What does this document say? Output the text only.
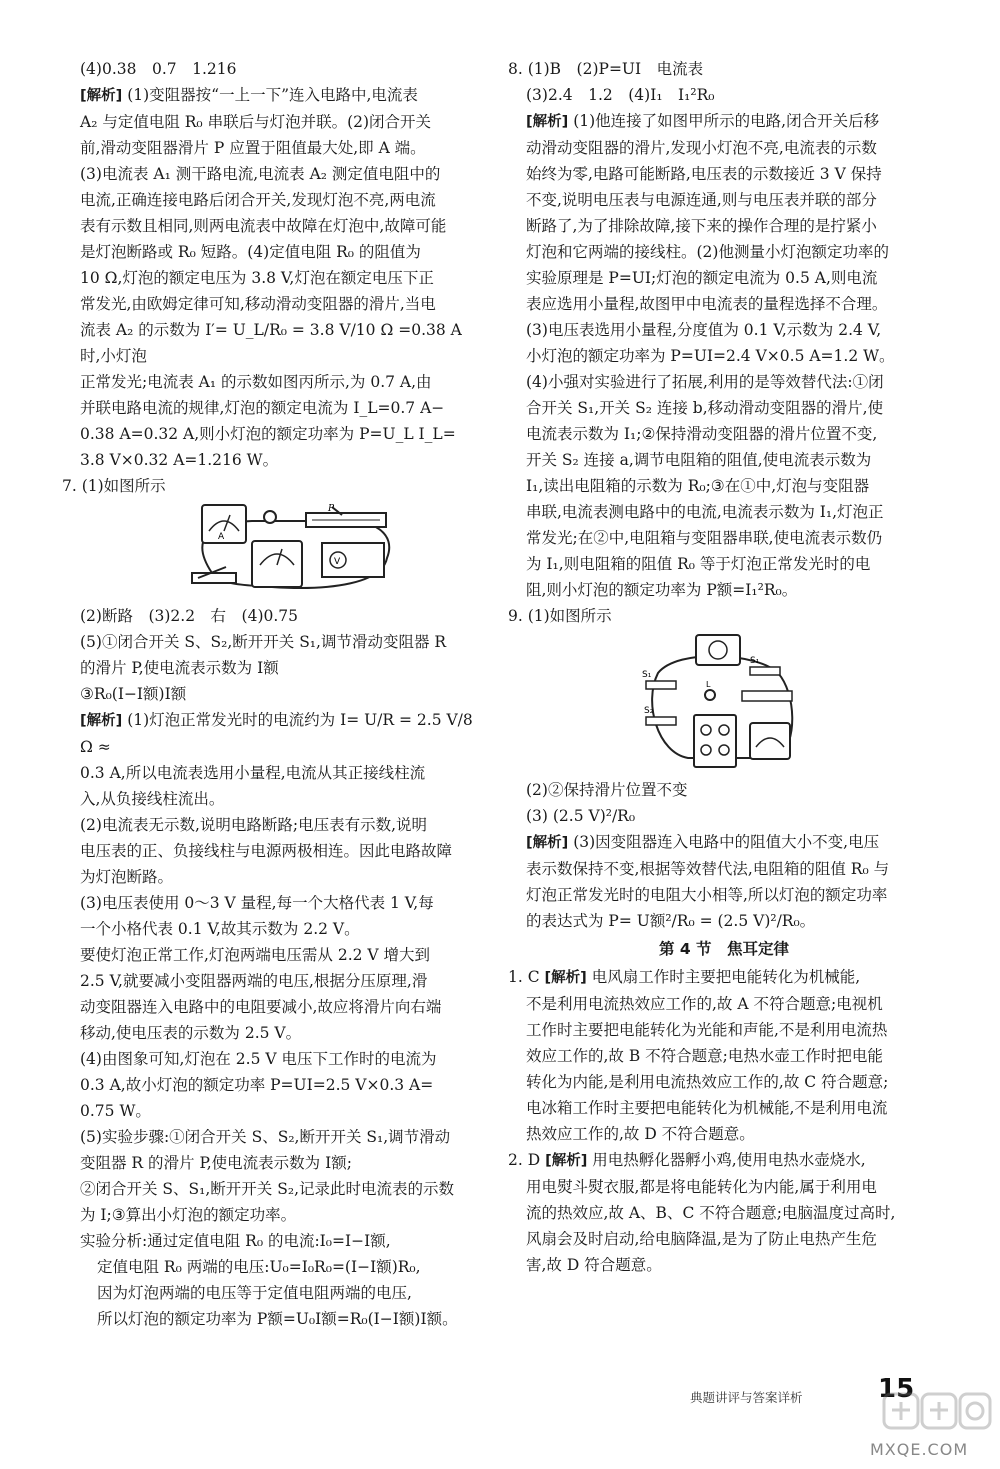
(4)0.38　0.7　1.216
[解析] (1)变阻器按“一上一下”连入电路中,电流表
A₂ 与定值电阻 R₀ 串联后与灯泡并联。(2)闭合开关
前,滑动变阻器滑片 P 应置于阻值最大处,即 A 端。
(3)电流表 A₁ 测干路电流,电流表 A₂ 测定值电阻中的
电流,正确连接电路后闭合开关,发现灯泡不亮,两电流
表有示数且相同,则两电流表中故障在灯泡中,故障可能
是灯泡断路或 R₀ 短路。(4)定值电阻 R₀ 的阻值为
10 Ω,灯泡的额定电压为 3.8 V,灯泡在额定电压下正
常发光,由欧姆定律可知,移动滑动变阻器的滑片,当电
流表 A₂ 的示数为 I′= U_L/R₀ = 3.8 V/10 Ω =0.38 A 时,小灯泡
正常发光;电流表 A₁ 的示数如图丙所示,为 0.7 A,由
并联电路电流的规律,灯泡的额定电流为 I_L=0.7 A−
0.38 A=0.32 A,则小灯泡的额定功率为 P=U_L I_L=
3.8 V×0.32 A=1.216 W。
7. (1)如图所示
A
P
V
(2)断路　(3)2.2　右　(4)0.75
(5)①闭合开关 S、S₂,断开开关 S₁,调节滑动变阻器 R
的滑片 P,使电流表示数为 I额
③R₀(I−I额)I额
[解析] (1)灯泡正常发光时的电流约为 I= U/R = 2.5 V/8 Ω ≈
0.3 A,所以电流表选用小量程,电流从其正接线柱流
入,从负接线柱流出。
(2)电流表无示数,说明电路断路;电压表有示数,说明
电压表的正、负接线柱与电源两极相连。因此电路故障
为灯泡断路。
(3)电压表使用 0～3 V 量程,每一个大格代表 1 V,每
一个小格代表 0.1 V,故其示数为 2.2 V。
要使灯泡正常工作,灯泡两端电压需从 2.2 V 增大到
2.5 V,就要减小变阻器两端的电压,根据分压原理,滑
动变阻器连入电路中的电阻要减小,故应将滑片向右端
移动,使电压表的示数为 2.5 V。
(4)由图象可知,灯泡在 2.5 V 电压下工作时的电流为
0.3 A,故小灯泡的额定功率 P=UI=2.5 V×0.3 A=
0.75 W。
(5)实验步骤:①闭合开关 S、S₂,断开开关 S₁,调节滑动
变阻器 R 的滑片 P,使电流表示数为 I额;
②闭合开关 S、S₁,断开开关 S₂,记录此时电流表的示数
为 I;③算出小灯泡的额定功率。
实验分析:通过定值电阻 R₀ 的电流:I₀=I−I额,
定值电阻 R₀ 两端的电压:U₀=I₀R₀=(I−I额)R₀,
因为灯泡两端的电压等于定值电阻两端的电压,
所以灯泡的额定功率为 P额=U₀I额=R₀(I−I额)I额。
8. (1)B　(2)P=UI　电流表
(3)2.4　1.2　(4)I₁　I₁²R₀
[解析] (1)他连接了如图甲所示的电路,闭合开关后移
动滑动变阻器的滑片,发现小灯泡不亮,电流表的示数
始终为零,电路可能断路,电压表的示数接近 3 V 保持
不变,说明电压表与电源连通,则与电压表并联的部分
断路了,为了排除故障,接下来的操作合理的是拧紧小
灯泡和它两端的接线柱。(2)他测量小灯泡额定功率的
实验原理是 P=UI;灯泡的额定电流为 0.5 A,则电流
表应选用小量程,故图甲中电流表的量程选择不合理。
(3)电压表选用小量程,分度值为 0.1 V,示数为 2.4 V,
小灯泡的额定功率为 P=UI=2.4 V×0.5 A=1.2 W。
(4)小强对实验进行了拓展,利用的是等效替代法:①闭
合开关 S₁,开关 S₂ 连接 b,移动滑动变阻器的滑片,使
电流表示数为 I₁;②保持滑动变阻器的滑片位置不变,
开关 S₂ 连接 a,调节电阻箱的阻值,使电流表示数为
I₁,读出电阻箱的示数为 R₀;③在①中,灯泡与变阻器
串联,电流表测电路中的电流,电流表示数为 I₁,灯泡正
常发光;在②中,电阻箱与变阻器串联,使电流表示数仍
为 I₁,则电阻箱的阻值 R₀ 等于灯泡正常发光时的电
阻,则小灯泡的额定功率为 P额=I₁²R₀。
9. (1)如图所示
S₁
S₁
S₂
L
(2)②保持滑片位置不变
(3) (2.5 V)²/R₀
[解析] (3)因变阻器连入电路中的阻值大小不变,电压
表示数保持不变,根据等效替代法,电阻箱的阻值 R₀ 与
灯泡正常发光时的电阻大小相等,所以灯泡的额定功率
的表达式为 P= U额²/R₀ = (2.5 V)²/R₀。
第 4 节　焦耳定律
1. C [解析] 电风扇工作时主要把电能转化为机械能,
不是利用电流热效应工作的,故 A 不符合题意;电视机
工作时主要把电能转化为光能和声能,不是利用电流热
效应工作的,故 B 不符合题意;电热水壶工作时把电能
转化为内能,是利用电流热效应工作的,故 C 符合题意;
电冰箱工作时主要把电能转化为机械能,不是利用电流
热效应工作的,故 D 不符合题意。
2. D [解析] 用电热孵化器孵小鸡,使用电热水壶烧水,
用电熨斗熨衣服,都是将电能转化为内能,属于利用电
流的热效应,故 A、B、C 不符合题意;电脑温度过高时,
风扇会及时启动,给电脑降温,是为了防止电热产生危
害,故 D 符合题意。
典题讲评与答案详析	15
MXQE.COM
